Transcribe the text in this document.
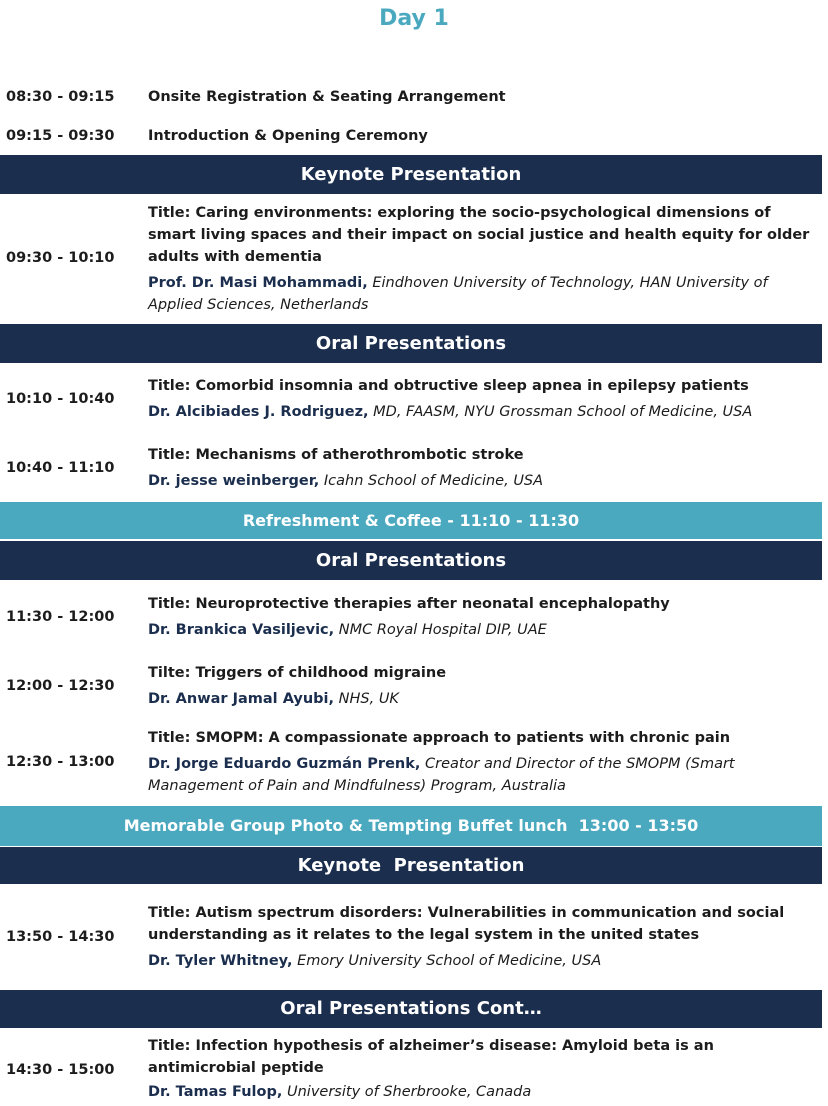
Day 1
08:30 - 09:15 Onsite Registration & Seating Arrangement
09:15 - 09:30 Introduction & Opening Ceremony
Keynote Presentation
09:30 - 10:10
Title: Caring environments: exploring the socio-psychological dimensions of smart living spaces and their impact on social justice and health equity for older adults with dementia
Prof. Dr. Masi Mohammadi, Eindhoven University of Technology, HAN University of Applied Sciences, Netherlands
Oral Presentations
10:10 - 10:40
Title: Comorbid insomnia and obtructive sleep apnea in epilepsy patients
Dr. Alcibiades J. Rodriguez, MD, FAASM, NYU Grossman School of Medicine, USA
10:40 - 11:10
Title: Mechanisms of atherothrombotic stroke
Dr. jesse weinberger, Icahn School of Medicine, USA
Refreshment & Coffee - 11:10 - 11:30
Oral Presentations
11:30 - 12:00
Title: Neuroprotective therapies after neonatal encephalopathy
Dr. Brankica Vasiljevic, NMC Royal Hospital DIP, UAE
12:00 - 12:30
Tilte: Triggers of childhood migraine
Dr. Anwar Jamal Ayubi, NHS, UK
12:30 - 13:00
Title: SMOPM: A compassionate approach to patients with chronic pain
Dr. Jorge Eduardo Guzmán Prenk, Creator and Director of the SMOPM (Smart Management of Pain and Mindfulness) Program, Australia
Memorable Group Photo & Tempting Buffet lunch  13:00 - 13:50
Keynote  Presentation
13:50 - 14:30
Title: Autism spectrum disorders: Vulnerabilities in communication and social understanding as it relates to the legal system in the united states
Dr. Tyler Whitney, Emory University School of Medicine, USA
Oral Presentations Cont…
14:30 - 15:00
Title: Infection hypothesis of alzheimer’s disease: Amyloid beta is an antimicrobial peptide
Dr. Tamas Fulop, University of Sherbrooke, Canada
